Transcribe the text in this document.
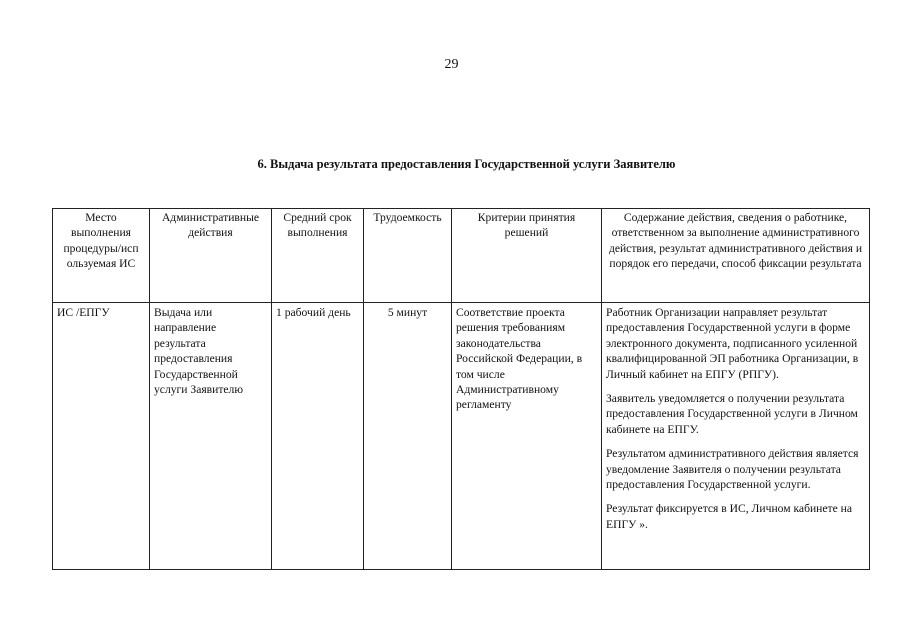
29
6. Выдача результата предоставления Государственной услуги Заявителю
Место выполнения процедуры/исп ользуемая ИС	Административные действия	Средний срок выполнения	Трудоемкость	Критерии принятия решений	Содержание действия, сведения о работнике, ответственном за выполнение административного действия, результат административного действия и порядок его передачи, способ фиксации результата
ИС /ЕПГУ	Выдача или направление результата предоставления Государственной услуги Заявителю	1 рабочий день	5 минут	Соответствие проекта решения требованиям законодательства Российской Федерации, в том числе Административному регламенту	Работник Организации направляет результат предоставления Государственной услуги в форме электронного документа, подписанного усиленной квалифицированной ЭП работника Организации, в Личный кабинет на ЕПГУ (РПГУ).

Заявитель уведомляется о получении результата предоставления Государственной услуги в Личном кабинете на ЕПГУ.

Результатом административного действия является уведомление Заявителя о получении результата предоставления Государственной услуги.

Результат фиксируется в ИС, Личном кабинете на ЕПГУ ».
